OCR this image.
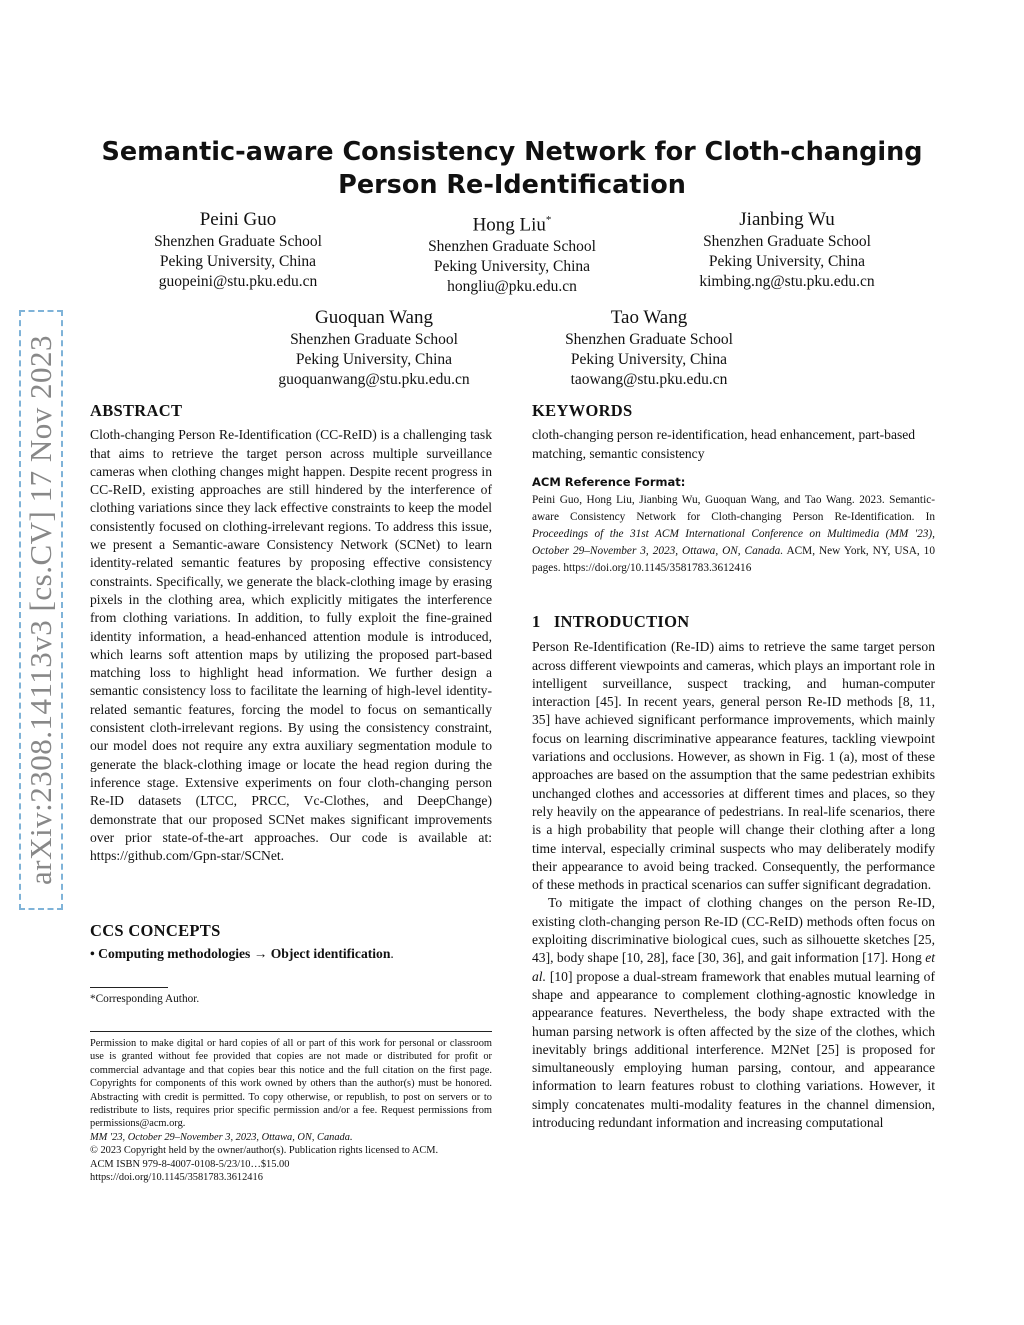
arXiv:2308.14113v3 [cs.CV] 17 Nov 2023
Semantic-aware Consistency Network for Cloth-changing Person Re-Identification
Peini Guo
Shenzhen Graduate School
Peking University, China
guopeini@stu.pku.edu.cn
Hong Liu*
Shenzhen Graduate School
Peking University, China
hongliu@pku.edu.cn
Jianbing Wu
Shenzhen Graduate School
Peking University, China
kimbing.ng@stu.pku.edu.cn
Guoquan Wang
Shenzhen Graduate School
Peking University, China
guoquanwang@stu.pku.edu.cn
Tao Wang
Shenzhen Graduate School
Peking University, China
taowang@stu.pku.edu.cn
ABSTRACT

Cloth-changing Person Re-Identification (CC-ReID) is a challenging task that aims to retrieve the target person across multiple surveillance cameras when clothing changes might happen. Despite recent progress in CC-ReID, existing approaches are still hindered by the interference of clothing variations since they lack effective constraints to keep the model consistently focused on clothing-irrelevant regions. To address this issue, we present a Semantic-aware Consistency Network (SCNet) to learn identity-related semantic features by proposing effective consistency constraints. Specifically, we generate the black-clothing image by erasing pixels in the clothing area, which explicitly mitigates the interference from clothing variations. In addition, to fully exploit the fine-grained identity information, a head-enhanced attention module is introduced, which learns soft attention maps by utilizing the proposed part-based matching loss to highlight head information. We further design a semantic consistency loss to facilitate the learning of high-level identity-related semantic features, forcing the model to focus on semantically consistent cloth-irrelevant regions. By using the consistency constraint, our model does not require any extra auxiliary segmentation module to generate the black-clothing image or locate the head region during the inference stage. Extensive experiments on four cloth-changing person Re-ID datasets (LTCC, PRCC, Vc-Clothes, and DeepChange) demonstrate that our proposed SCNet makes significant improvements over prior state-of-the-art approaches. Our code is available at: https://github.com/Gpn-star/SCNet.

CCS CONCEPTS

• Computing methodologies → Object identification.

*Corresponding Author.

Permission to make digital or hard copies of all or part of this work for personal or classroom use is granted without fee provided that copies are not made or distributed for profit or commercial advantage and that copies bear this notice and the full citation on the first page. Copyrights for components of this work owned by others than the author(s) must be honored. Abstracting with credit is permitted. To copy otherwise, or republish, to post on servers or to redistribute to lists, requires prior specific permission and/or a fee. Request permissions from permissions@acm.org.

MM '23, October 29–November 3, 2023, Ottawa, ON, Canada.

© 2023 Copyright held by the owner/author(s). Publication rights licensed to ACM.

ACM ISBN 979-8-4007-0108-5/23/10…$15.00

https://doi.org/10.1145/3581783.3612416

KEYWORDS

cloth-changing person re-identification, head enhancement, part-based matching, semantic consistency

ACM Reference Format:

Peini Guo, Hong Liu, Jianbing Wu, Guoquan Wang, and Tao Wang. 2023. Semantic-aware Consistency Network for Cloth-changing Person Re-Identification. In Proceedings of the 31st ACM International Conference on Multimedia (MM '23), October 29–November 3, 2023, Ottawa, ON, Canada. ACM, New York, NY, USA, 10 pages. https://doi.org/10.1145/3581783.3612416

1   INTRODUCTION

Person Re-Identification (Re-ID) aims to retrieve the same target person across different viewpoints and cameras, which plays an important role in intelligent surveillance, suspect tracking, and human-computer interaction [45]. In recent years, general person Re-ID methods [8, 11, 35] have achieved significant performance improvements, which mainly focus on learning discriminative appearance features, tackling viewpoint variations and occlusions. However, as shown in Fig. 1 (a), most of these approaches are based on the assumption that the same pedestrian exhibits unchanged clothes and accessories at different times and places, so they rely heavily on the appearance of pedestrians. In real-life scenarios, there is a high probability that people will change their clothing after a long time interval, especially criminal suspects who may deliberately modify their appearance to avoid being tracked. Consequently, the performance of these methods in practical scenarios can suffer significant degradation.

To mitigate the impact of clothing changes on the person Re-ID, existing cloth-changing person Re-ID (CC-ReID) methods often focus on exploiting discriminative biological cues, such as silhouette sketches [25, 43], body shape [10, 28], face [30, 36], and gait information [17]. Hong et al. [10] propose a dual-stream framework that enables mutual learning of shape and appearance to complement clothing-agnostic knowledge in appearance features. Nevertheless, the body shape extracted with the human parsing network is often affected by the size of the clothes, which inevitably brings additional interference. M2Net [25] is proposed for simultaneously employing human parsing, contour, and appearance information to learn features robust to clothing variations. However, it simply concatenates multi-modality features in the channel dimension, introducing redundant information and increasing computational
